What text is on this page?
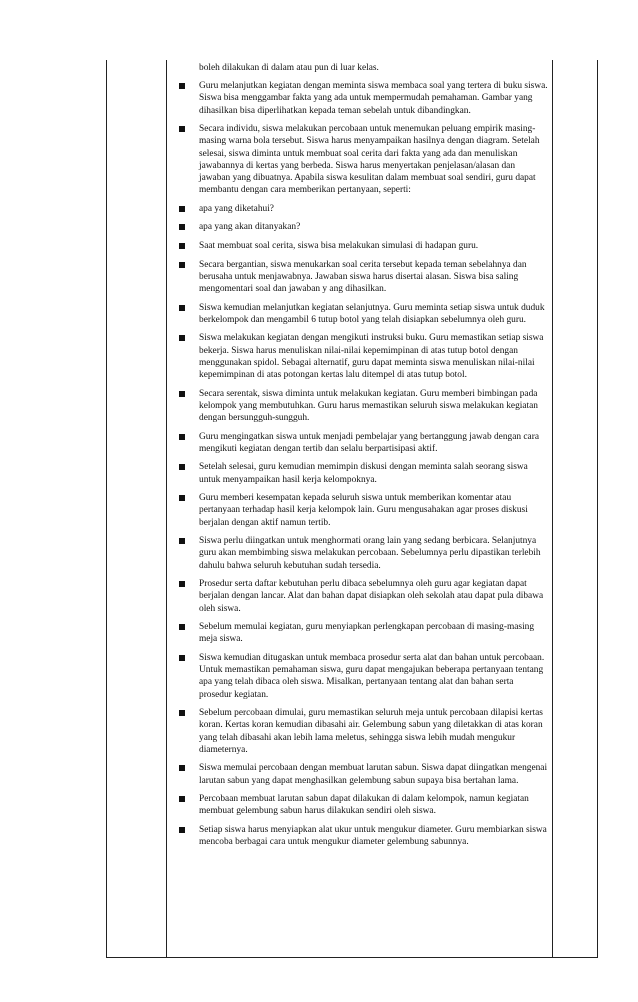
boleh dilakukan di dalam atau pun di luar kelas.

Guru melanjutkan kegiatan dengan meminta siswa membaca soal yang tertera di buku siswa. Siswa bisa menggambar fakta yang ada untuk mempermudah pemahaman. Gambar yang dihasilkan bisa diperlihatkan kepada teman sebelah untuk dibandingkan.
Secara individu, siswa melakukan percobaan untuk menemukan peluang empirik masing-masing warna bola tersebut. Siswa harus menyampaikan hasilnya dengan diagram. Setelah selesai, siswa diminta untuk membuat soal cerita dari fakta yang ada dan menuliskan jawabannya di kertas yang berbeda. Siswa harus menyertakan penjelasan/alasan dan jawaban yang dibuatnya. Apabila siswa kesulitan dalam membuat soal sendiri, guru dapat membantu dengan cara memberikan pertanyaan, seperti:
apa yang diketahui?
apa yang akan ditanyakan?
Saat membuat soal cerita, siswa bisa melakukan simulasi di hadapan guru.
Secara bergantian, siswa menukarkan soal cerita tersebut kepada teman sebelahnya dan berusaha untuk menjawabnya. Jawaban siswa harus disertai alasan. Siswa bisa saling mengomentari soal dan jawaban y ang dihasilkan.
Siswa kemudian melanjutkan kegiatan selanjutnya. Guru meminta setiap siswa untuk duduk berkelompok dan mengambil 6 tutup botol yang telah disiapkan sebelumnya oleh guru.
Siswa melakukan kegiatan dengan mengikuti instruksi buku. Guru memastikan setiap siswa bekerja. Siswa harus menuliskan nilai-nilai kepemimpinan di atas tutup botol dengan menggunakan spidol. Sebagai alternatif, guru dapat meminta siswa menuliskan nilai-nilai kepemimpinan di atas potongan kertas lalu ditempel di atas tutup botol.
Secara serentak, siswa diminta untuk melakukan kegiatan. Guru memberi bimbingan pada kelompok yang membutuhkan. Guru harus memastikan seluruh siswa melakukan kegiatan dengan bersungguh-sungguh.
Guru mengingatkan siswa untuk menjadi pembelajar yang bertanggung jawab dengan cara mengikuti kegiatan dengan tertib dan selalu berpartisipasi aktif.
Setelah selesai, guru kemudian memimpin diskusi dengan meminta salah seorang siswa untuk menyampaikan hasil kerja kelompoknya.
Guru memberi kesempatan kepada seluruh siswa untuk memberikan komentar atau pertanyaan terhadap hasil kerja kelompok lain. Guru mengusahakan agar proses diskusi berjalan dengan aktif namun tertib.
Siswa perlu diingatkan untuk menghormati orang lain yang sedang berbicara. Selanjutnya guru akan membimbing siswa melakukan percobaan. Sebelumnya perlu dipastikan terlebih dahulu bahwa seluruh kebutuhan sudah tersedia.
Prosedur serta daftar kebutuhan perlu dibaca sebelumnya oleh guru agar kegiatan dapat berjalan dengan lancar. Alat dan bahan dapat disiapkan oleh sekolah atau dapat pula dibawa oleh siswa.
Sebelum memulai kegiatan, guru menyiapkan perlengkapan percobaan di masing-masing meja siswa.
Siswa kemudian ditugaskan untuk membaca prosedur serta alat dan bahan untuk percobaan. Untuk memastikan pemahaman siswa, guru dapat mengajukan beberapa pertanyaan tentang apa yang telah dibaca oleh siswa. Misalkan, pertanyaan tentang alat dan bahan serta prosedur kegiatan.
Sebelum percobaan dimulai, guru memastikan seluruh meja untuk percobaan dilapisi kertas koran. Kertas koran kemudian dibasahi air. Gelembung sabun yang diletakkan di atas koran yang telah dibasahi akan lebih lama meletus, sehingga siswa lebih mudah mengukur diameternya.
Siswa memulai percobaan dengan membuat larutan sabun. Siswa dapat diingatkan mengenai larutan sabun yang dapat menghasilkan gelembung sabun supaya bisa bertahan lama.
Percobaan membuat larutan sabun dapat dilakukan di dalam kelompok, namun kegiatan membuat gelembung sabun harus dilakukan sendiri oleh siswa.
Setiap siswa harus menyiapkan alat ukur untuk mengukur diameter. Guru membiarkan siswa mencoba berbagai cara untuk mengukur diameter gelembung sabunnya.
